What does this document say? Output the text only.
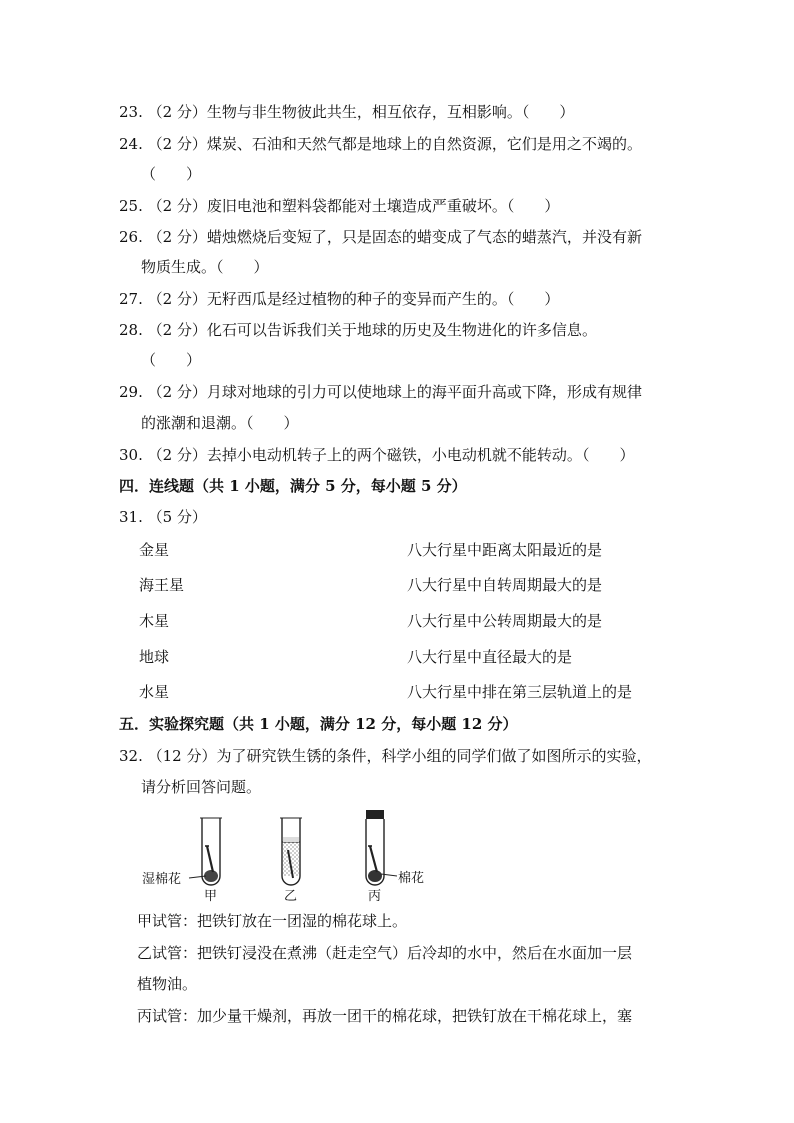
23. （2 分）生物与非生物彼此共生，相互依存，互相影响。（　　）
24. （2 分）煤炭、石油和天然气都是地球上的自然资源，它们是用之不竭的。
（　　）
25. （2 分）废旧电池和塑料袋都能对土壤造成严重破坏。（　　）
26. （2 分）蜡烛燃烧后变短了，只是固态的蜡变成了气态的蜡蒸汽，并没有新
物质生成。（　　）
27. （2 分）无籽西瓜是经过植物的种子的变异而产生的。（　　）
28. （2 分）化石可以告诉我们关于地球的历史及生物进化的许多信息。
（　　）
29. （2 分）月球对地球的引力可以使地球上的海平面升高或下降，形成有规律
的涨潮和退潮。（　　）
30. （2 分）去掉小电动机转子上的两个磁铁，小电动机就不能转动。（　　）
四．连线题（共 1 小题，满分 5 分，每小题 5 分）
31. （5 分）
金星	八大行星中距离太阳最近的是
海王星	八大行星中自转周期最大的是
木星	八大行星中公转周期最大的是
地球	八大行星中直径最大的是
水星	八大行星中排在第三层轨道上的是
五．实验探究题（共 1 小题，满分 12 分，每小题 12 分）
32. （12 分）为了研究铁生锈的条件，科学小组的同学们做了如图所示的实验，
请分析回答问题。
湿棉花
甲	乙
棉花
丙
甲试管：把铁钉放在一团湿的棉花球上。
乙试管：把铁钉浸没在煮沸（赶走空气）后冷却的水中，然后在水面加一层
植物油。
丙试管：加少量干燥剂，再放一团干的棉花球，把铁钉放在干棉花球上，塞
